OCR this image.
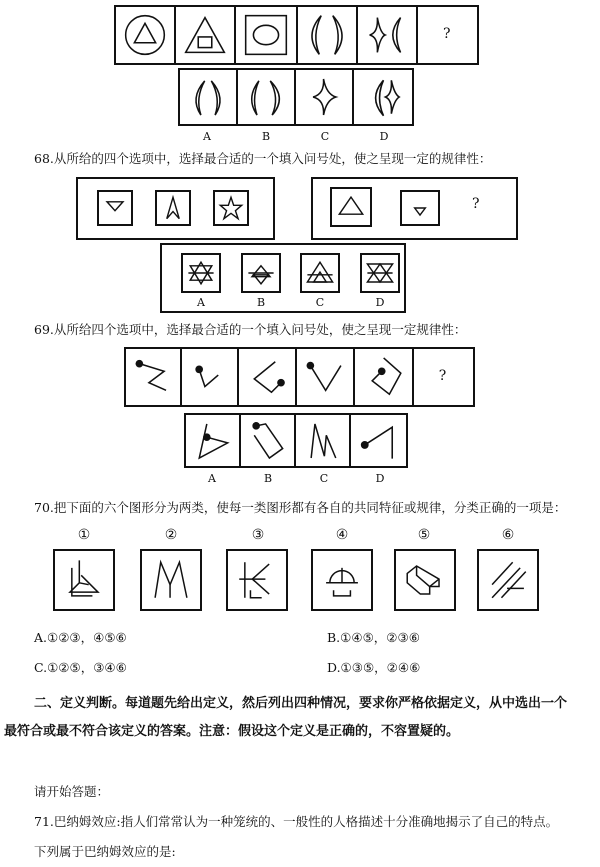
?
A	B	C	D
68.从所给的四个选项中，选择最合适的一个填入问号处，使之呈现一定的规律性：
?
A	B	C	D
69.从所给四个选项中，选择最合适的一个填入问号处，使之呈现一定规律性：
?
A	B	C	D
70.把下面的六个图形分为两类，使每一类图形都有各自的共同特征或规律，分类正确的一项是：
①	②	③	④	⑤	⑥
A.①②③，④⑤⑥	B.①④⑤，②③⑥
C.①②⑤，③④⑥	D.①③⑤，②④⑥
二、定义判断。每道题先给出定义，然后列出四种情况，要求你严格依据定义，从中选出一个
最符合或最不符合该定义的答案。注意：假设这个定义是正确的，不容置疑的。
请开始答题：
71.巴纳姆效应:指人们常常认为一种笼统的、一般性的人格描述十分准确地揭示了自己的特点。
下列属于巴纳姆效应的是:
